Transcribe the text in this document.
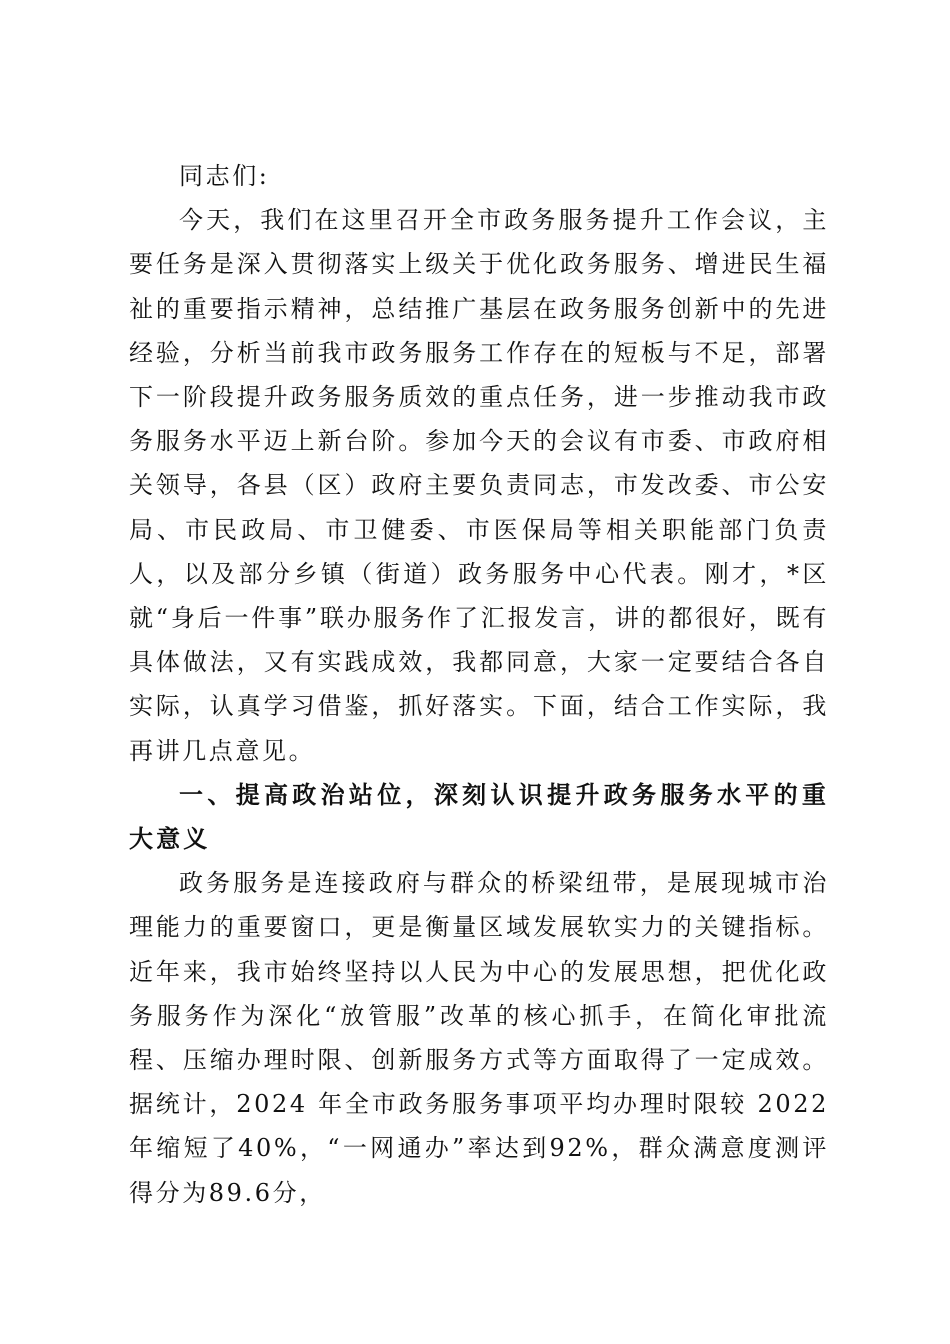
同志们:

今天，我们在这里召开全市政务服务提升工作会议，主要任务是深入贯彻落实上级关于优化政务服务、增进民生福祉的重要指示精神，总结推广基层在政务服务创新中的先进经验，分析当前我市政务服务工作存在的短板与不足，部署下一阶段提升政务服务质效的重点任务，进一步推动我市政务服务水平迈上新台阶。参加今天的会议有市委、市政府相关领导，各县（区）政府主要负责同志，市发改委、市公安局、市民政局、市卫健委、市医保局等相关职能部门负责人，以及部分乡镇（街道）政务服务中心代表。刚才，*区就“身后一件事”联办服务作了汇报发言，讲的都很好，既有具体做法，又有实践成效，我都同意，大家一定要结合各自实际，认真学习借鉴，抓好落实。下面，结合工作实际，我再讲几点意见。

一、提高政治站位，深刻认识提升政务服务水平的重大意义

政务服务是连接政府与群众的桥梁纽带，是展现城市治理能力的重要窗口，更是衡量区域发展软实力的关键指标。近年来，我市始终坚持以人民为中心的发展思想，把优化政务服务作为深化“放管服”改革的核心抓手，在简化审批流程、压缩办理时限、创新服务方式等方面取得了一定成效。据统计，2024 年全市政务服务事项平均办理时限较 2022 年缩短了40%，“一网通办”率达到92%，群众满意度测评得分为89.6分，
